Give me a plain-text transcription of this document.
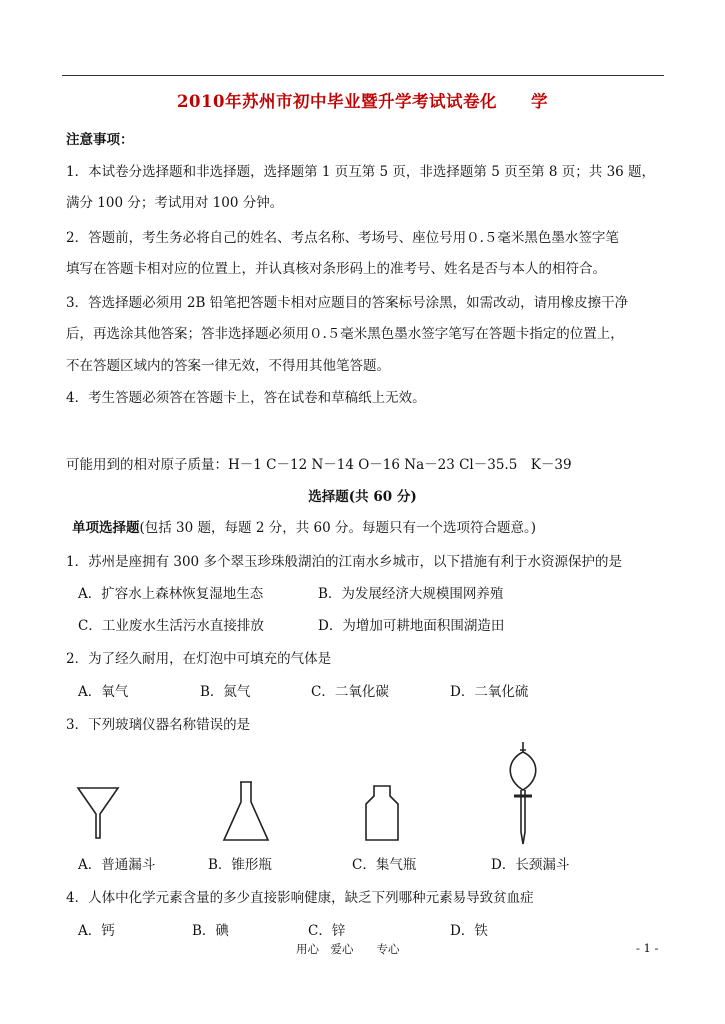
2010年苏州市初中毕业暨升学考试试卷化　　学
注意事项：
1．本试卷分选择题和非选择题，选择题第 1 页互第 5 页，非选择题第 5 页至第 8 页；共 36 题，
满分 100 分；考试用对 100 分钟。
2．答题前，考生务必将自己的姓名、考点名称、考场号、座位号用０.５毫米黑色墨水签字笔
填写在答题卡相对应的位置上，并认真核对条形码上的准考号、姓名是否与本人的相符合。
3．答选择题必须用 2B 铅笔把答题卡相对应题目的答案标号涂黑，如需改动，请用橡皮擦干净
后，再选涂其他答案；答非选择题必须用０.５毫米黑色墨水签字笔写在答题卡指定的位置上，
不在答题区域内的答案一律无效，不得用其他笔答题。
4．考生答题必须答在答题卡上，答在试卷和草稿纸上无效。
可能用到的相对原子质量：H－1 C－12 N－14 O－16 Na－23 Cl－35.5　K－39
选择题(共 60 分)
单项选择题(包括 30 题，每题 2 分，共 60 分。每题只有一个选项符合题意。)
1．苏州是座拥有 300 多个翠玉珍珠般湖泊的江南水乡城市，以下措施有利于水资源保护的是
A．扩容水上森林恢复湿地生态	B．为发展经济大规模围网养殖
C．工业废水生活污水直接排放	D．为增加可耕地面积围湖造田
2．为了经久耐用，在灯泡中可填充的气体是
A．氧气	B．氮气	C．二氧化碳	D．二氧化硫
3．下列玻璃仪器名称错误的是
A．普通漏斗	B．锥形瓶	C．集气瓶	D．长颈漏斗
4．人体中化学元素含量的多少直接影响健康，缺乏下列哪种元素易导致贫血症
A．钙	B．碘	C．锌	D．铁
用心　爱心　　专心	- 1 -
